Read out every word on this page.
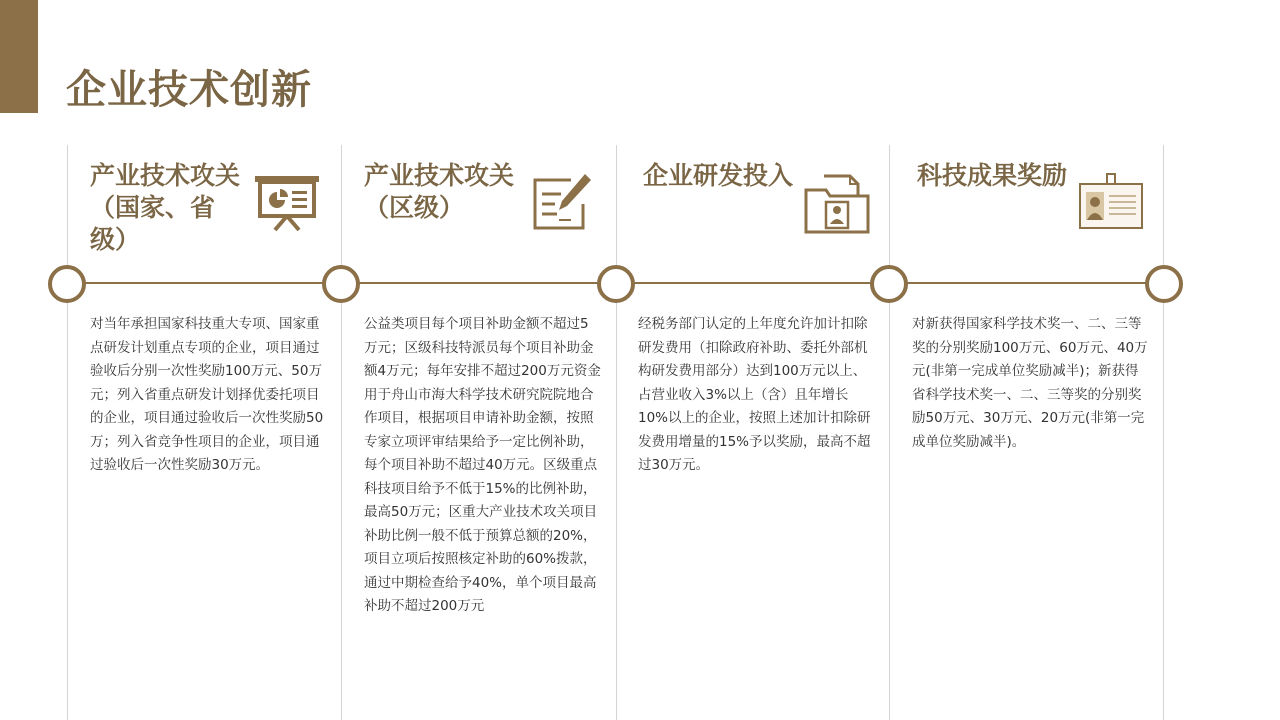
企业技术创新
产业技术攻关（国家、省级）
对当年承担国家科技重大专项、国家重点研发计划重点专项的企业，项目通过验收后分别一次性奖励100万元、50万元；列入省重点研发计划择优委托项目的企业，项目通过验收后一次性奖励50　万；列入省竞争性项目的企业，项目通过验收后一次性奖励30万元。
产业技术攻关（区级）
公益类项目每个项目补助金额不超过5万元；区级科技特派员每个项目补助金额4万元；每年安排不超过200万元资金用于舟山市海大科学技术研究院院地合作项目，根据项目申请补助金额，按照专家立项评审结果给予一定比例补助，每个项目补助不超过40万元。区级重点科技项目给予不低于15%的比例补助，最高50万元；区重大产业技术攻关项目补助比例一般不低于预算总额的20%，项目立项后按照核定补助的60%拨款，通过中期检查给予40%，单个项目最高补助不超过200万元
企业研发投入
经税务部门认定的上年度允许加计扣除研发费用（扣除政府补助、委托外部机构研发费用部分）达到100万元以上、占营业收入3%以上（含）且年增长10%以上的企业，按照上述加计扣除研发费用增量的15%予以奖励，最高不超过30万元。
科技成果奖励
对新获得国家科学技术奖一、二、三等奖的分别奖励100万元、60万元、40万元(非第一完成单位奖励减半)；新获得省科学技术奖一、二、三等奖的分别奖励50万元、30万元、20万元(非第一完成单位奖励减半)。
